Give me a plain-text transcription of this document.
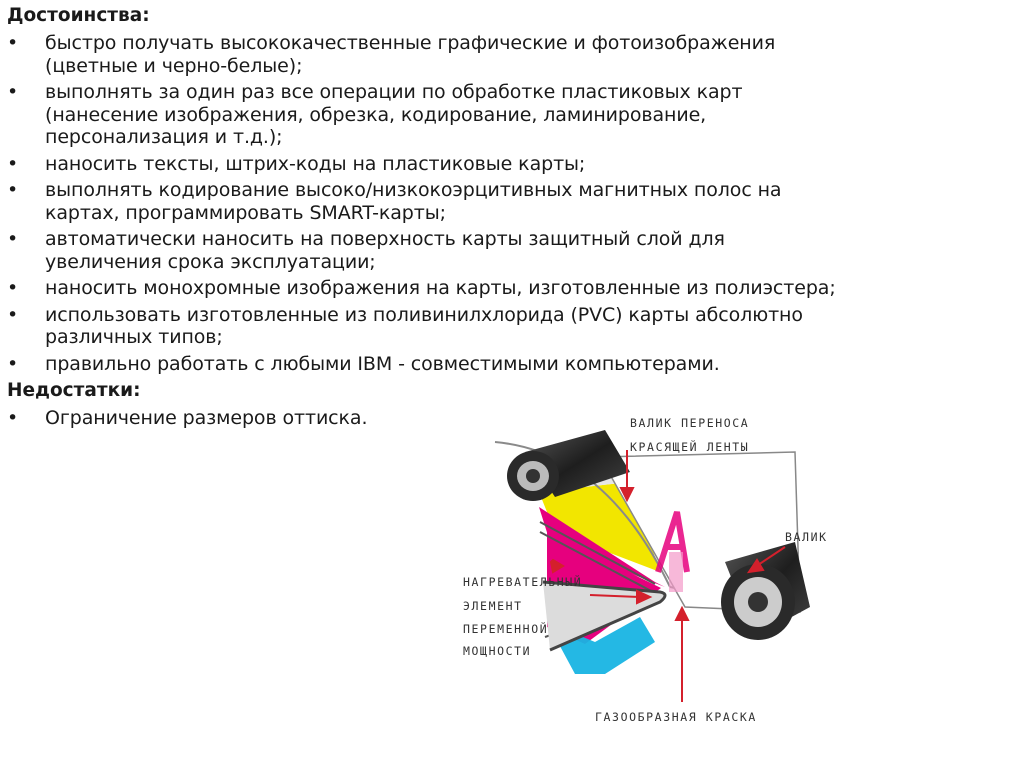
Достоинства:
•	быстро получать высококачественные графические и фотоизображения
(цветные и черно-белые);
•	выполнять за один раз все операции по обработке пластиковых карт
(нанесение изображения, обрезка, кодирование, ламинирование,
персонализация и т.д.);
•	наносить тексты, штрих-коды на пластиковые карты;
•	выполнять кодирование высоко/низкокоэрцитивных магнитных полос на
картах, программировать SMART-карты;
•	автоматически наносить на поверхность карты защитный слой для
увеличения срока эксплуатации;
•	наносить монохромные изображения на карты, изготовленные из полиэстера;
•	использовать изготовленные из поливинилхлорида (PVC) карты абсолютно
различных типов;
•	правильно работать с любыми IBM - совместимыми компьютерами.
Недостатки:
•	Ограничение размеров оттиска.	ВАЛИК ПЕРЕНОСА
КРАСЯЩЕЙ ЛЕНТЫ
ВАЛИК
НАГРЕВАТЕЛЬНЫЙ
ЭЛЕМЕНТ
ПЕРЕМЕННОЙ
МОЩНОСТИ
ГАЗООБРАЗНАЯ КРАСКА
